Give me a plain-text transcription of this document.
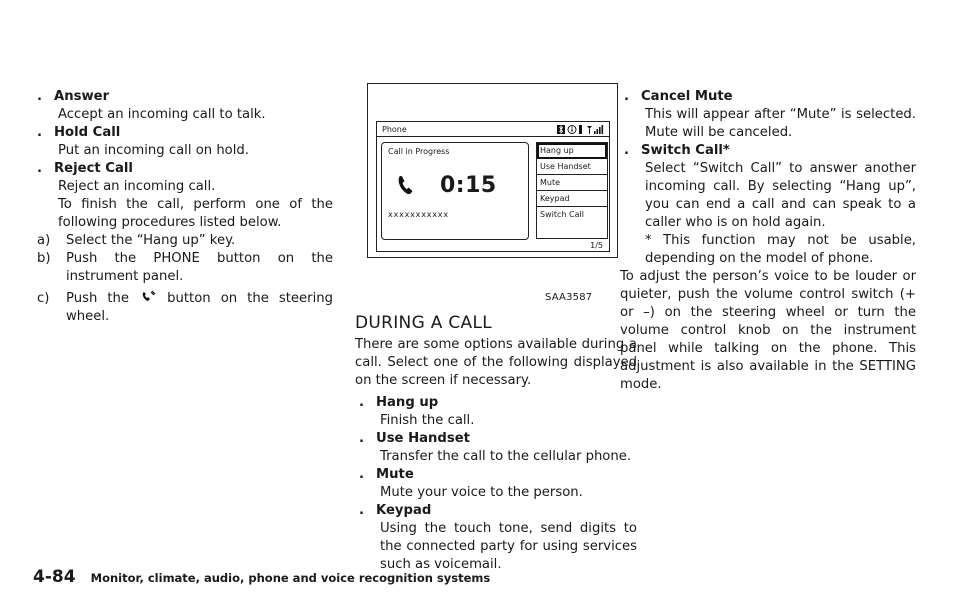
. Answer
Accept an incoming call to talk.
. Hold Call
Put an incoming call on hold.
. Reject Call
Reject an incoming call.
To finish the call, perform one of the following procedures listed below.
a) Select the “Hang up” key.
b) Push the PHONE button on the instrument panel.
c) Push the	button on the steering wheel.
Phone
Call in Progress
0:15
xxxxxxxxxxx
Hang up
Use Handset
Mute
Keypad
Switch Call
1/5
SAA3587
DURING A CALL
There are some options available during a call. Select one of the following displayed on the screen if necessary.
. Hang up
Finish the call.
. Use Handset
Transfer the call to the cellular phone.
. Mute
Mute your voice to the person.
. Keypad
Using the touch tone, send digits to the connected party for using services such as voicemail.
. Cancel Mute
This will appear after “Mute” is selected. Mute will be canceled.
. Switch Call*
Select “Switch Call” to answer another incoming call. By selecting “Hang up”, you can end a call and can speak to a caller who is on hold again.
* This function may not be usable, depending on the model of phone.
To adjust the person’s voice to be louder or quieter, push the volume control switch (+ or –) on the steering wheel or turn the volume control knob on the instrument panel while talking on the phone. This adjustment is also available in the SETTING mode.
4-84 Monitor, climate, audio, phone and voice recognition systems
